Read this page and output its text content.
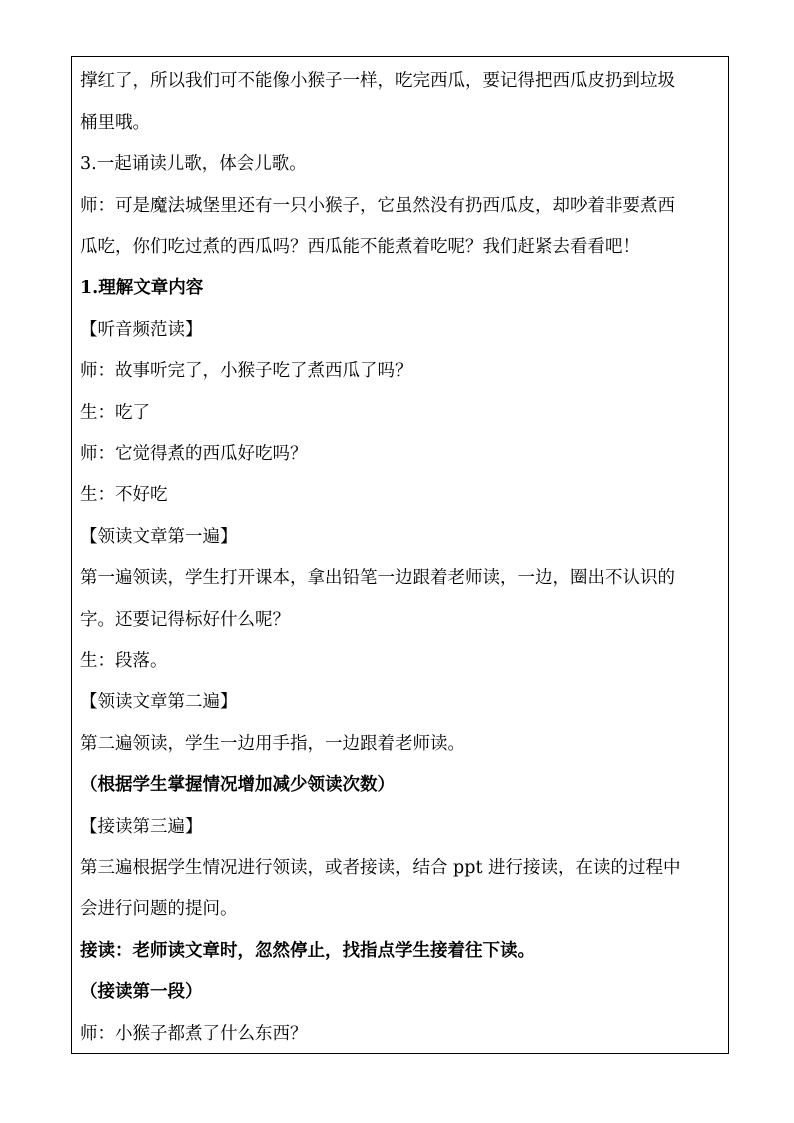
撑红了，所以我们可不能像小猴子一样，吃完西瓜，要记得把西瓜皮扔到垃圾
桶里哦。
3.一起诵读儿歌，体会儿歌。
师：可是魔法城堡里还有一只小猴子，它虽然没有扔西瓜皮，却吵着非要煮西
瓜吃，你们吃过煮的西瓜吗？西瓜能不能煮着吃呢？我们赶紧去看看吧！
1.理解文章内容
【听音频范读】
师：故事听完了，小猴子吃了煮西瓜了吗？
生：吃了
师：它觉得煮的西瓜好吃吗？
生：不好吃
【领读文章第一遍】
第一遍领读，学生打开课本，拿出铅笔一边跟着老师读，一边，圈出不认识的
字。还要记得标好什么呢？
生：段落。
【领读文章第二遍】
第二遍领读，学生一边用手指，一边跟着老师读。
（根据学生掌握情况增加减少领读次数）
【接读第三遍】
第三遍根据学生情况进行领读，或者接读，结合 ppt 进行接读，在读的过程中
会进行问题的提问。
接读：老师读文章时，忽然停止，找指点学生接着往下读。
（接读第一段）
师：小猴子都煮了什么东西？
